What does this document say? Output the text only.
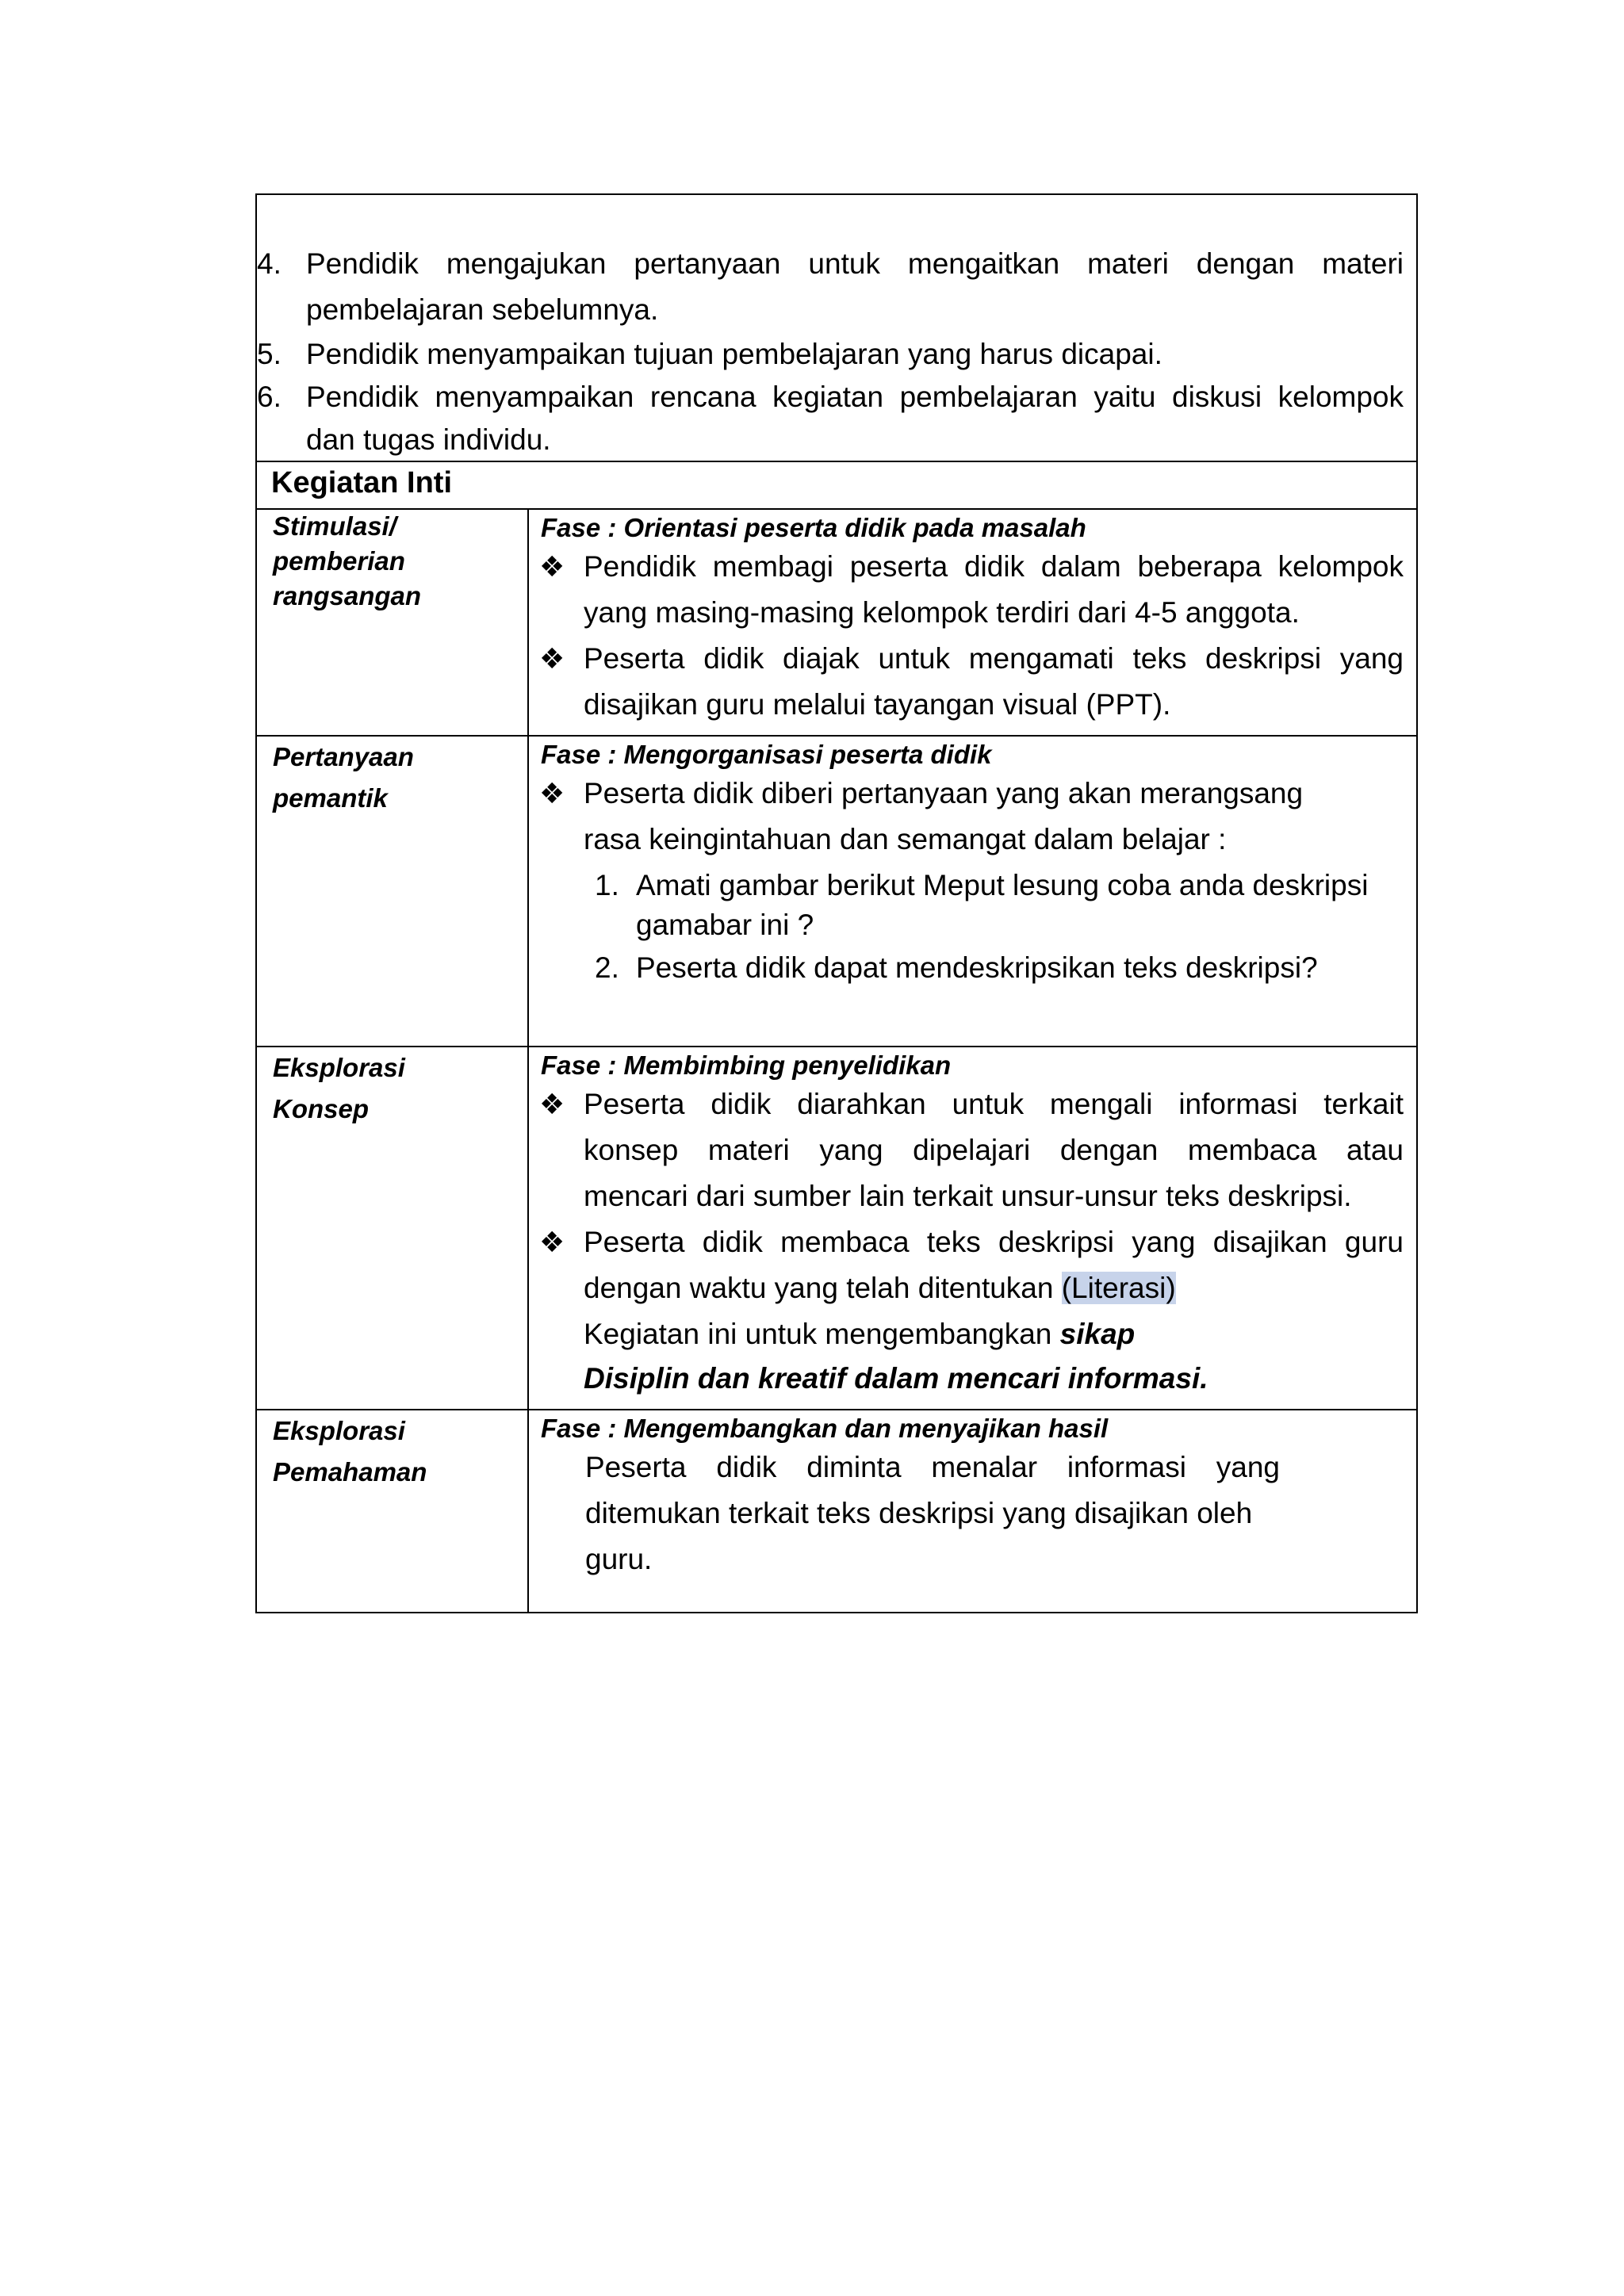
4. Pendidik mengajukan pertanyaan untuk mengaitkan materi dengan materi
pembelajaran sebelumnya.
5. Pendidik menyampaikan tujuan pembelajaran yang harus dicapai.
6. Pendidik menyampaikan rencana kegiatan pembelajaran yaitu diskusi kelompok
dan tugas individu.
Kegiatan Inti
Stimulasi/
pemberian
rangsangan
Fase : Orientasi peserta didik pada masalah
❖ Pendidik membagi peserta didik dalam beberapa kelompok
yang masing-masing kelompok terdiri dari 4-5 anggota.
❖ Peserta didik diajak untuk mengamati teks deskripsi yang
disajikan guru melalui tayangan visual (PPT).
Pertanyaan
pemantik
Fase : Mengorganisasi peserta didik
❖ Peserta didik diberi pertanyaan yang akan merangsang
rasa keingintahuan dan semangat dalam belajar :
1. Amati gambar berikut Meput lesung coba anda deskripsi
gamabar ini ?
2. Peserta didik dapat mendeskripsikan teks deskripsi?
Eksplorasi
Konsep
Fase : Membimbing penyelidikan
❖ Peserta didik diarahkan untuk mengali informasi terkait
konsep materi yang dipelajari dengan membaca atau
mencari dari sumber lain terkait unsur-unsur teks deskripsi.
❖ Peserta didik membaca teks deskripsi yang disajikan guru
dengan waktu yang telah ditentukan (Literasi)
Kegiatan ini untuk mengembangkan sikap
Disiplin dan kreatif dalam mencari informasi.
Eksplorasi
Pemahaman
Fase : Mengembangkan dan menyajikan hasil
Peserta didik diminta menalar informasi yang
ditemukan terkait teks deskripsi yang disajikan oleh
guru.
